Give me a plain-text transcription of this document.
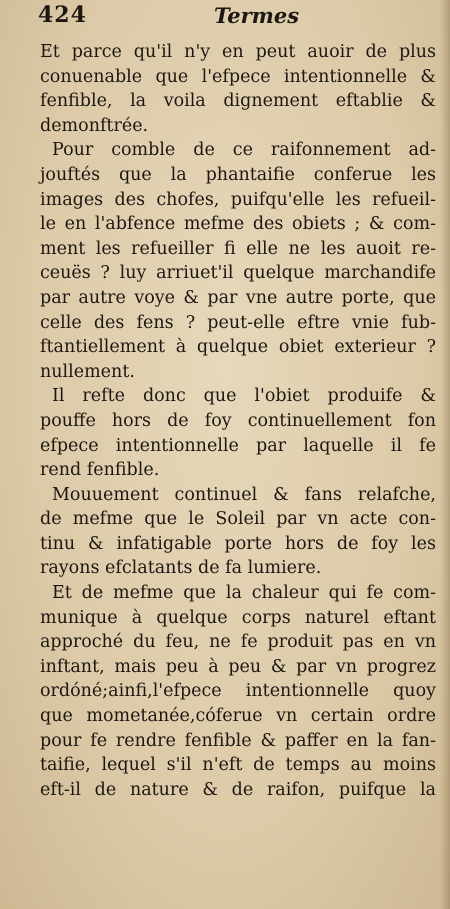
424	Termes
Et parce qu'il n'y en peut auoir de plus
conuenable que l'efpece intentionnelle &
fenfible, la voila dignement eftablie &
demonftrée.
Pour comble de ce raifonnement ad-
jouftés que la phantaifie conferue les
images des chofes, puifqu'elle les refueil-
le en l'abfence mefme des obiets ; & com-
ment les refueiller fi elle ne les auoit re-
ceuës ? luy arriuet'il quelque marchandife
par autre voye & par vne autre porte, que
celle des fens ? peut-elle eftre vnie fub-
ftantiellement à quelque obiet exterieur ?
nullement.
Il refte donc que l'obiet produife &
pouffe hors de foy continuellement fon
efpece intentionnelle par laquelle il fe
rend fenfible.
Mouuement continuel & fans relafche,
de mefme que le Soleil par vn acte con-
tinu & infatigable porte hors de foy les
rayons efclatants de fa lumiere.
Et de mefme que la chaleur qui fe com-
munique à quelque corps naturel eftant
approché du feu, ne fe produit pas en vn
inftant, mais peu à peu & par vn progrez
ordóné;ainfi,l'efpece intentionnelle quoy
que mometanée,cóferue vn certain ordre
pour fe rendre fenfible & paffer en la fan-
taifie, lequel s'il n'eft de temps au moins
eft-il de nature & de raifon, puifque la
